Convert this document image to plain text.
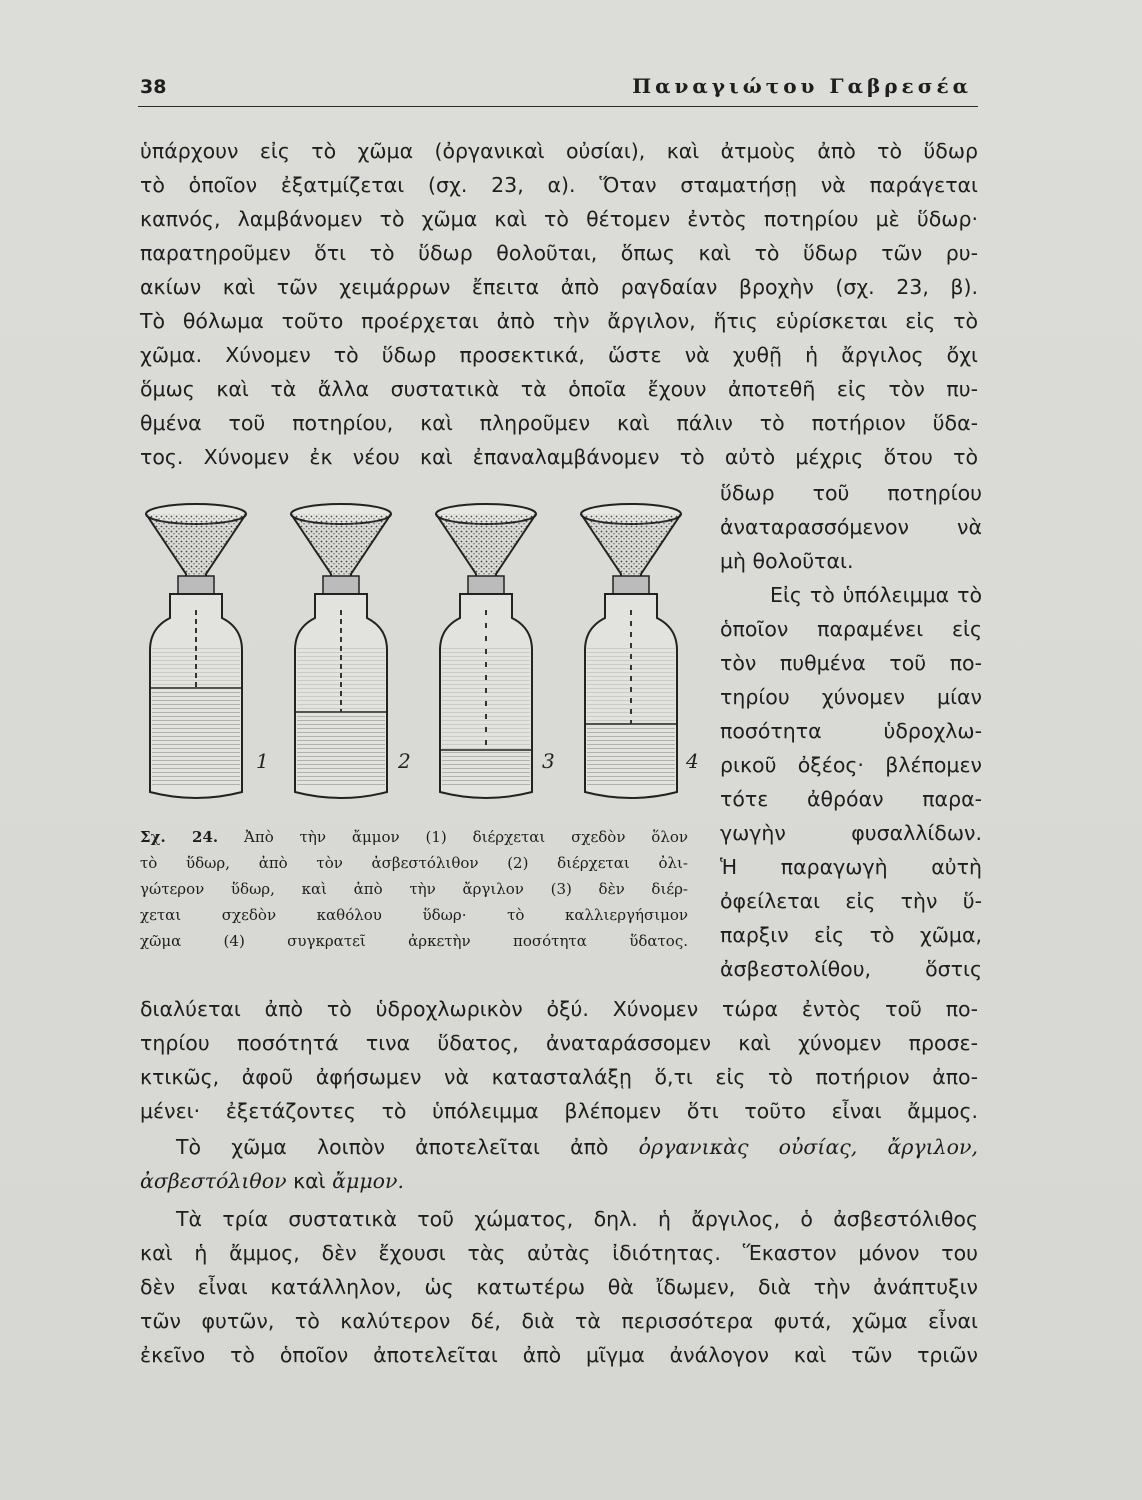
38	Παναγιώτου Γαβρεσέα
ὑπάρχουν εἰς τὸ χῶμα (ὀργανικαὶ οὐσίαι), καὶ ἀτμοὺς ἀπὸ τὸ ὕδωρ
τὸ ὁποῖον ἐξατμίζεται (σχ. 23, α). Ὅταν σταματήσῃ νὰ παράγεται
καπνός, λαμβάνομεν τὸ χῶμα καὶ τὸ θέτομεν ἐντὸς ποτηρίου μὲ ὕδωρ·
παρατηροῦμεν ὅτι τὸ ὕδωρ θολοῦται, ὅπως καὶ τὸ ὕδωρ τῶν ρυ-
ακίων καὶ τῶν χειμάρρων ἔπειτα ἀπὸ ραγδαίαν βροχὴν (σχ. 23, β).
Τὸ θόλωμα τοῦτο προέρχεται ἀπὸ τὴν ἄργιλον, ἥτις εὑρίσκεται εἰς τὸ
χῶμα. Χύνομεν τὸ ὕδωρ προσεκτικά, ὥστε νὰ χυθῇ ἡ ἄργιλος ὄχι
ὅμως καὶ τὰ ἄλλα συστατικὰ τὰ ὁποῖα ἔχουν ἀποτεθῆ εἰς τὸν πυ-
θμένα τοῦ ποτηρίου, καὶ πληροῦμεν καὶ πάλιν τὸ ποτήριον ὕδα-
τος. Χύνομεν ἐκ νέου καὶ ἐπαναλαμβάνομεν τὸ αὐτὸ μέχρις ὅτου τὸ
ὕδωρ τοῦ ποτηρίου
ἀναταρασσόμενον νὰ
μὴ θολοῦται.
Εἰς τὸ ὑπόλειμμα τὸ
ὁποῖον παραμένει εἰς
τὸν πυθμένα τοῦ πο-
τηρίου χύνομεν μίαν
ποσότητα ὑδροχλω-
ρικοῦ ὀξέος· βλέπομεν
τότε ἀθρόαν παρα-
γωγὴν φυσαλλίδων.
Ἡ παραγωγὴ αὐτὴ
ὀφείλεται εἰς τὴν ὕ-
παρξιν εἰς τὸ χῶμα,
ἀσβεστολίθου, ὅστις
1	2	3	4
Σχ. 24. Ἀπὸ τὴν ἄμμον (1) διέρχεται σχεδὸν ὅλον
τὸ ὕδωρ, ἀπὸ τὸν ἀσβεστόλιθον (2) διέρχεται ὀλι-
γώτερον ὕδωρ, καὶ ἀπὸ τὴν ἄργιλον (3) δὲν διέρ-
χεται σχεδὸν καθόλου ὕδωρ· τὸ καλλιεργήσιμον
χῶμα (4) συγκρατεῖ ἀρκετὴν ποσότητα ὕδατος.
διαλύεται ἀπὸ τὸ ὑδροχλωρικὸν ὀξύ. Χύνομεν τώρα ἐντὸς τοῦ πο-
τηρίου ποσότητά τινα ὕδατος, ἀναταράσσομεν καὶ χύνομεν προσε-
κτικῶς, ἀφοῦ ἀφήσωμεν νὰ κατασταλάξῃ ὅ,τι εἰς τὸ ποτήριον ἀπο-
μένει· ἐξετάζοντες τὸ ὑπόλειμμα βλέπομεν ὅτι τοῦτο εἶναι ἄμμος.
Τὸ χῶμα λοιπὸν ἀποτελεῖται ἀπὸ ὀργανικὰς οὐσίας, ἄργιλον,
ἀσβεστόλιθον καὶ ἄμμον.
Τὰ τρία συστατικὰ τοῦ χώματος, δηλ. ἡ ἄργιλος, ὁ ἀσβεστόλιθος
καὶ ἡ ἄμμος, δὲν ἔχουσι τὰς αὐτὰς ἰδιότητας. Ἕκαστον μόνον του
δὲν εἶναι κατάλληλον, ὡς κατωτέρω θὰ ἴδωμεν, διὰ τὴν ἀνάπτυξιν
τῶν φυτῶν, τὸ καλύτερον δέ, διὰ τὰ περισσότερα φυτά, χῶμα εἶναι
ἐκεῖνο τὸ ὁποῖον ἀποτελεῖται ἀπὸ μῖγμα ἀνάλογον καὶ τῶν τριῶν
